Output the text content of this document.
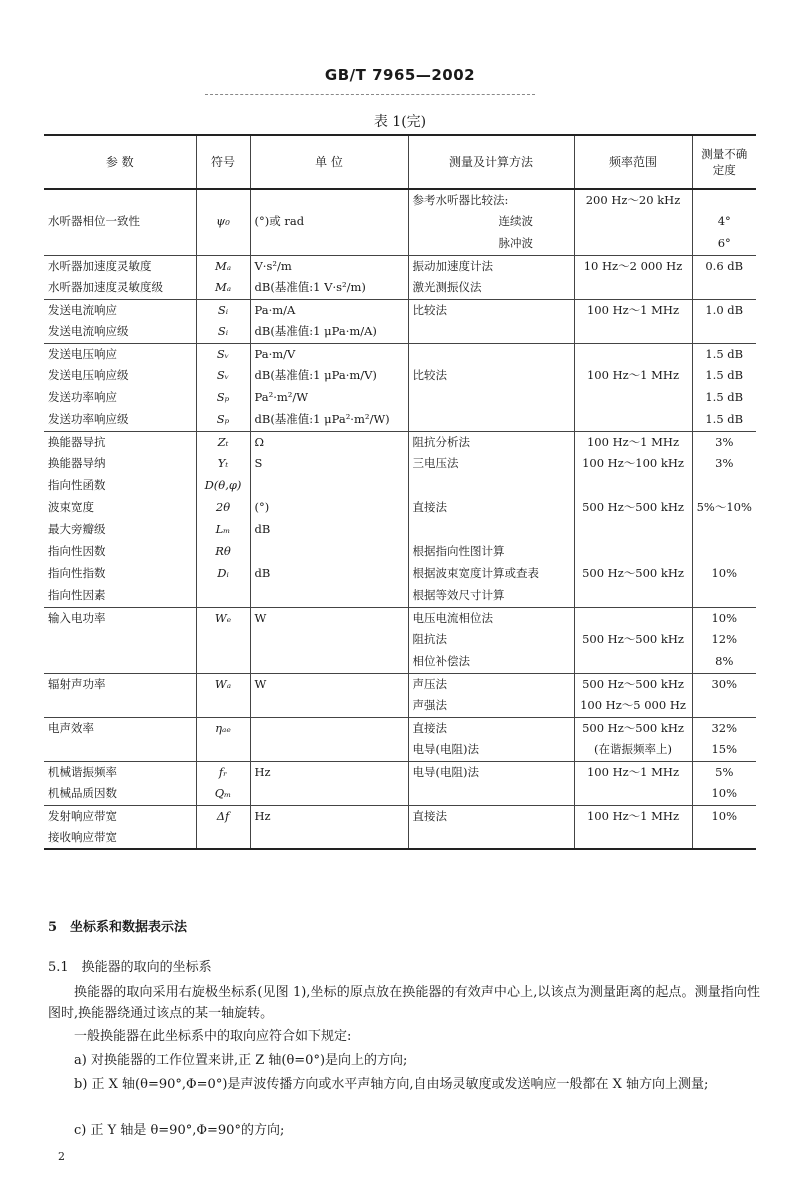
GB/T 7965—2002
表 1(完)
参 数	符号	单 位	测量及计算方法	频率范围	测量不确定度
			参考水听器比较法:	200 Hz～20 kHz	
水听器相位一致性	ψ₀	(°)或 rad	连续波		4°
			脉冲波		6°
水听器加速度灵敏度	Mₐ	V·s²/m	振动加速度计法	10 Hz～2 000 Hz	0.6 dB
水听器加速度灵敏度级	Mₐ	dB(基准值:1 V·s²/m)	激光测振仪法		
发送电流响应	Sᵢ	Pa·m/A	比较法	100 Hz～1 MHz	1.0 dB
发送电流响应级	Sᵢ	dB(基准值:1 μPa·m/A)			
发送电压响应	Sᵥ	Pa·m/V			1.5 dB
发送电压响应级	Sᵥ	dB(基准值:1 μPa·m/V)	比较法	100 Hz～1 MHz	1.5 dB
发送功率响应	Sₚ	Pa²·m²/W			1.5 dB
发送功率响应级	Sₚ	dB(基准值:1 μPa²·m²/W)			1.5 dB
换能器导抗	Zₜ	Ω	阻抗分析法	100 Hz～1 MHz	3%
换能器导纳	Yₜ	S	三电压法	100 Hz～100 kHz	3%
指向性函数	D(θ,φ)				
波束宽度	2θ	(°)	直接法	500 Hz～500 kHz	5%～10%
最大旁瓣级	Lₘ	dB			
指向性因数	Rθ		根据指向性图计算		
指向性指数	Dᵢ	dB	根据波束宽度计算或查表	500 Hz～500 kHz	10%
指向性因素			根据等效尺寸计算		
输入电功率	Wₑ	W	电压电流相位法		10%
			阻抗法	500 Hz～500 kHz	12%
			相位补偿法		8%
辐射声功率	Wₐ	W	声压法	500 Hz～500 kHz	30%
			声强法	100 Hz～5 000 Hz	
电声效率	ηₐₑ		直接法	500 Hz～500 kHz	32%
			电导(电阻)法	(在谐振频率上)	15%
机械谐振频率	fᵣ	Hz	电导(电阻)法	100 Hz～1 MHz	5%
机械品质因数	Qₘ				10%
发射响应带宽	Δf	Hz	直接法	100 Hz～1 MHz	10%
接收响应带宽					
5　坐标系和数据表示法
5.1　换能器的取向的坐标系
换能器的取向采用右旋极坐标系(见图 1),坐标的原点放在换能器的有效声中心上,以该点为测量距离的起点。测量指向性图时,换能器绕通过该点的某一轴旋转。
一般换能器在此坐标系中的取向应符合如下规定:
a) 对换能器的工作位置来讲,正 Z 轴(θ=0°)是向上的方向;
b) 正 X 轴(θ=90°,Φ=0°)是声波传播方向或水平声轴方向,自由场灵敏度或发送响应一般都在 X 轴方向上测量;
c) 正 Y 轴是 θ=90°,Φ=90°的方向;
2
